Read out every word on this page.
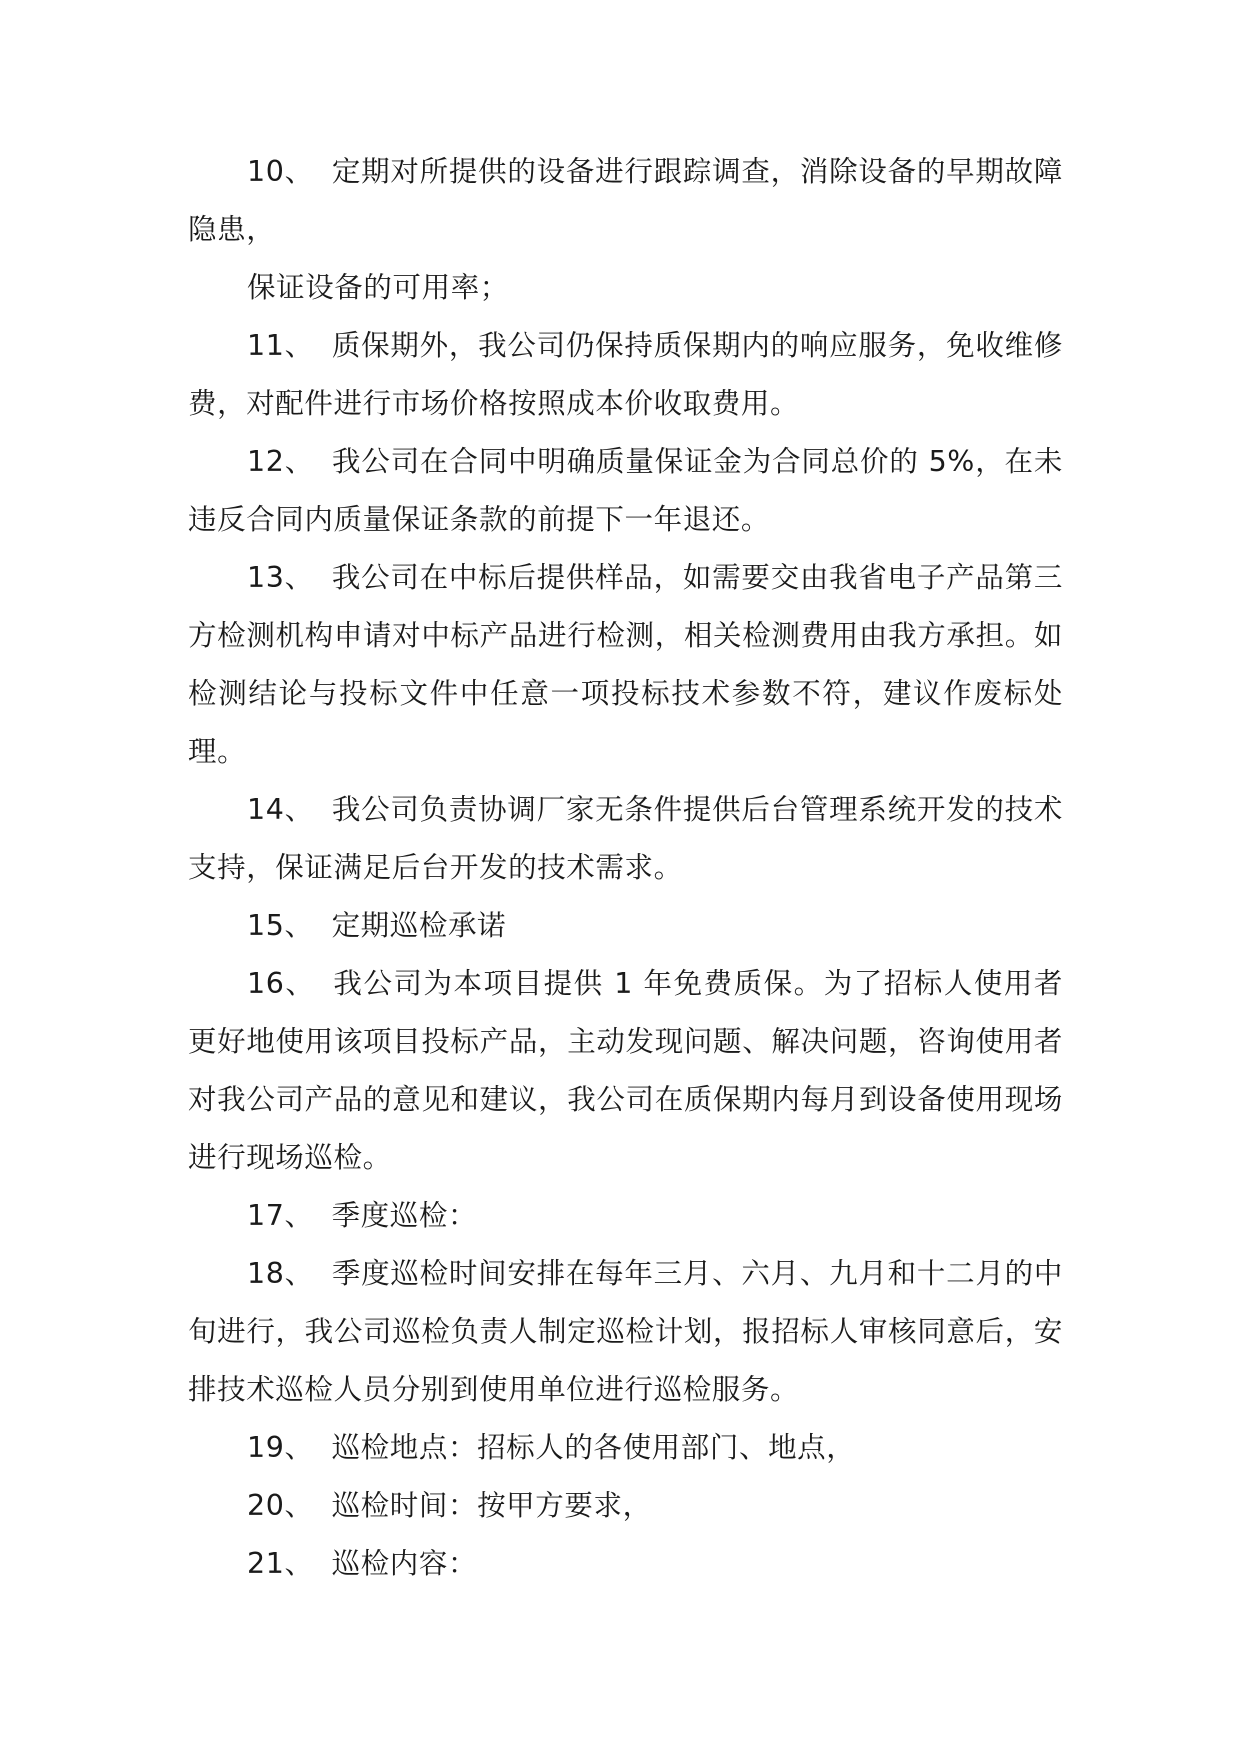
10、 定期对所提供的设备进行跟踪调查，消除设备的早期故障隐患，

保证设备的可用率；

11、 质保期外，我公司仍保持质保期内的响应服务，免收维修费，对配件进行市场价格按照成本价收取费用。

12、 我公司在合同中明确质量保证金为合同总价的 5%，在未违反合同内质量保证条款的前提下一年退还。

13、 我公司在中标后提供样品，如需要交由我省电子产品第三方检测机构申请对中标产品进行检测，相关检测费用由我方承担。如检测结论与投标文件中任意一项投标技术参数不符，建议作废标处理。

14、 我公司负责协调厂家无条件提供后台管理系统开发的技术支持，保证满足后台开发的技术需求。

15、 定期巡检承诺

16、 我公司为本项目提供 1 年免费质保。为了招标人使用者更好地使用该项目投标产品，主动发现问题、解决问题，咨询使用者对我公司产品的意见和建议，我公司在质保期内每月到设备使用现场进行现场巡检。

17、 季度巡检：

18、 季度巡检时间安排在每年三月、六月、九月和十二月的中旬进行，我公司巡检负责人制定巡检计划，报招标人审核同意后，安排技术巡检人员分别到使用单位进行巡检服务。

19、 巡检地点：招标人的各使用部门、地点，

20、 巡检时间：按甲方要求，

21、 巡检内容：
